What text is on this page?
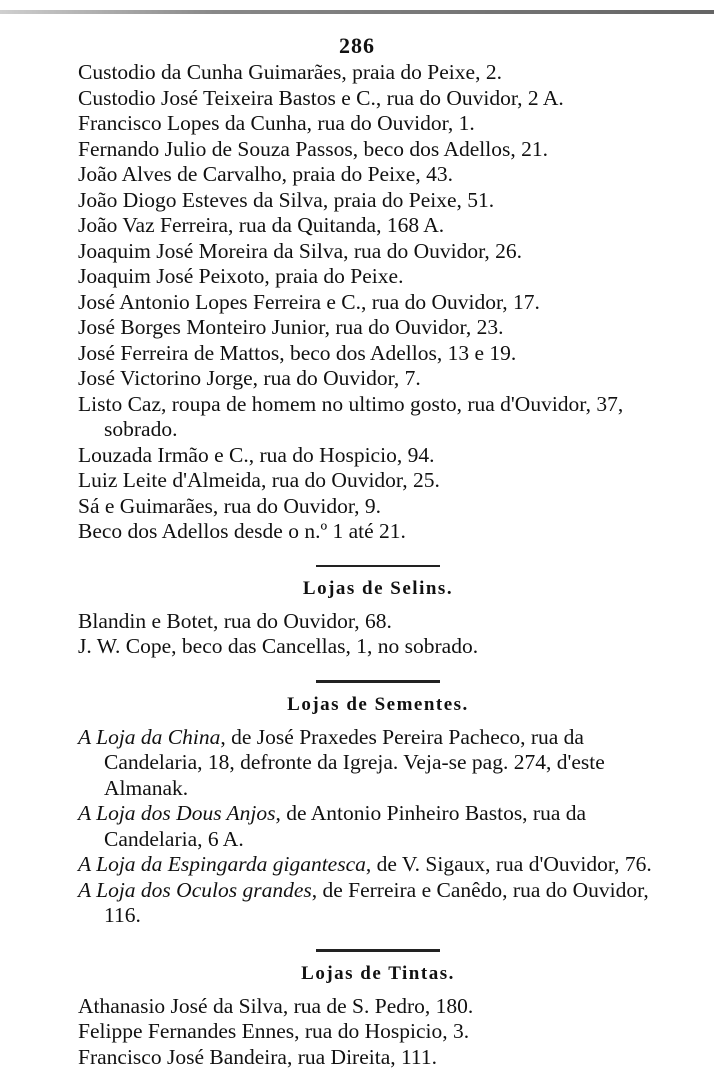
286

Custodio da Cunha Guimarães, praia do Peixe, 2.

Custodio José Teixeira Bastos e C., rua do Ouvidor, 2 A.

Francisco Lopes da Cunha, rua do Ouvidor, 1.

Fernando Julio de Souza Passos, beco dos Adellos, 21.

João Alves de Carvalho, praia do Peixe, 43.

João Diogo Esteves da Silva, praia do Peixe, 51.

João Vaz Ferreira, rua da Quitanda, 168 A.

Joaquim José Moreira da Silva, rua do Ouvidor, 26.

Joaquim José Peixoto, praia do Peixe.

José Antonio Lopes Ferreira e C., rua do Ouvidor, 17.

José Borges Monteiro Junior, rua do Ouvidor, 23.

José Ferreira de Mattos, beco dos Adellos, 13 e 19.

José Victorino Jorge, rua do Ouvidor, 7.

Listo Caz, roupa de homem no ultimo gosto, rua d'Ouvidor, 37, sobrado.

Louzada Irmão e C., rua do Hospicio, 94.

Luiz Leite d'Almeida, rua do Ouvidor, 25.

Sá e Guimarães, rua do Ouvidor, 9.

Beco dos Adellos desde o n.º 1 até 21.

Lojas de Selins.

Blandin e Botet, rua do Ouvidor, 68.

J. W. Cope, beco das Cancellas, 1, no sobrado.

Lojas de Sementes.

A Loja da China, de José Praxedes Pereira Pacheco, rua da Candelaria, 18, defronte da Igreja. Veja-se pag. 274, d'este Almanak.

A Loja dos Dous Anjos, de Antonio Pinheiro Bastos, rua da Candelaria, 6 A.

A Loja da Espingarda gigantesca, de V. Sigaux, rua d'Ouvidor, 76.

A Loja dos Oculos grandes, de Ferreira e Canêdo, rua do Ouvidor, 116.

Lojas de Tintas.

Athanasio José da Silva, rua de S. Pedro, 180.

Felippe Fernandes Ennes, rua do Hospicio, 3.

Francisco José Bandeira, rua Direita, 111.
